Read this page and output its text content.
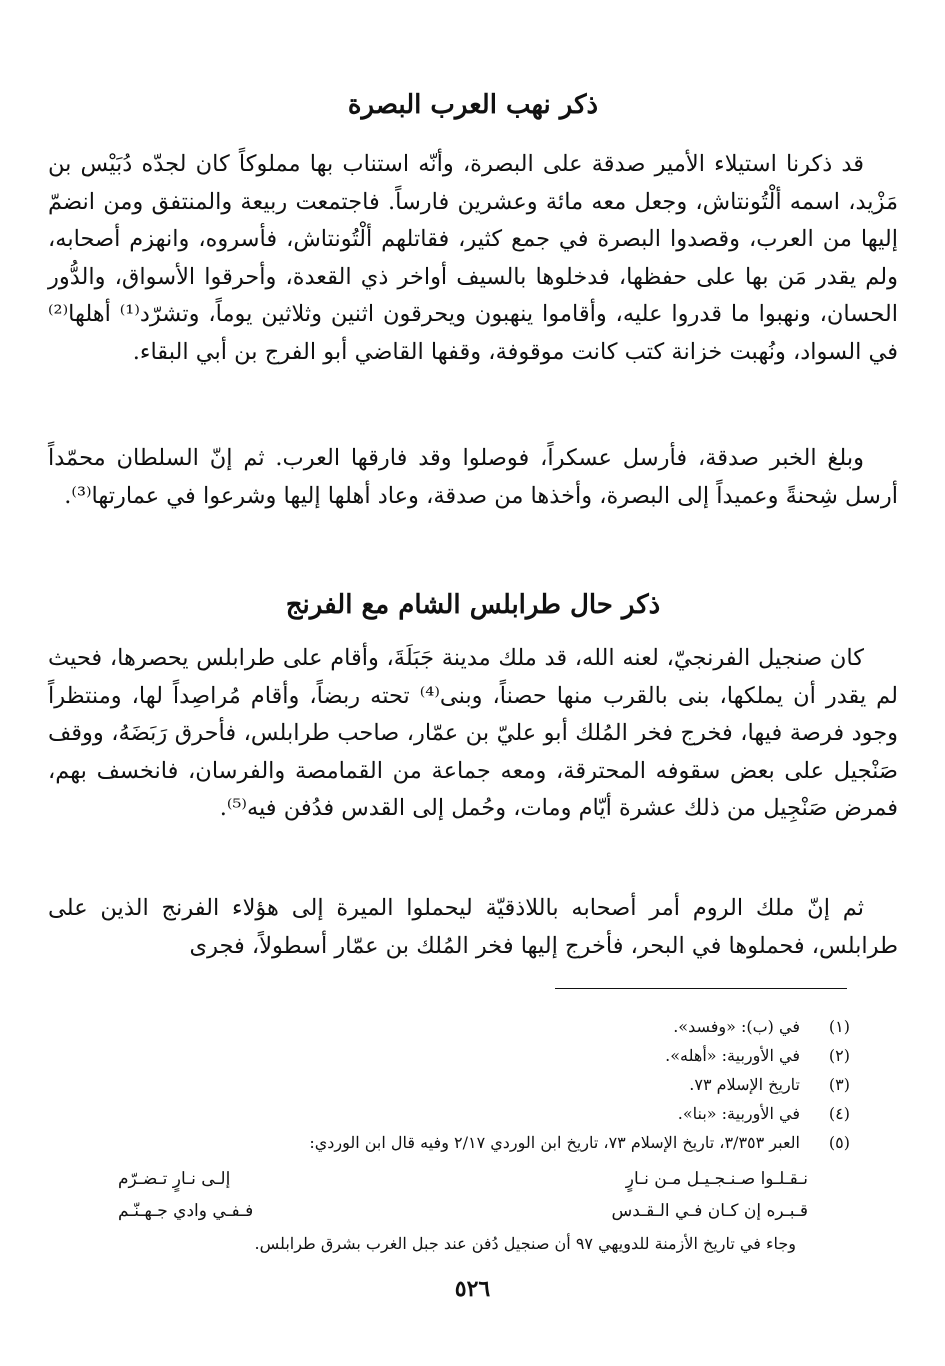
ذكر نهب العرب البصرة

قد ذكرنا استيلاء الأمير صدقة على البصرة، وأنّه استناب بها مملوكاً كان لجدّه دُبَيْس بن مَزْيد، اسمه ألْتُونتاش، وجعل معه مائة وعشرين فارساً. فاجتمعت ربيعة والمنتفق ومن انضمّ إليها من العرب، وقصدوا البصرة في جمع كثير، فقاتلهم ألْتُونتاش، فأسروه، وانهزم أصحابه، ولم يقدر مَن بها على حفظها، فدخلوها بالسيف أواخر ذي القعدة، وأحرقوا الأسواق، والدُّور الحسان، ونهبوا ما قدروا عليه، وأقاموا ينهبون ويحرقون اثنين وثلاثين يوماً، وتشرّد⁽¹⁾ أهلها⁽²⁾ في السواد، ونُهبت خزانة كتب كانت موقوفة، وقفها القاضي أبو الفرج بن أبي البقاء.

وبلغ الخبر صدقة، فأرسل عسكراً، فوصلوا وقد فارقها العرب. ثم إنّ السلطان محمّداً أرسل شِحنةً وعميداً إلى البصرة، وأخذها من صدقة، وعاد أهلها إليها وشرعوا في عمارتها⁽³⁾.

ذكر حال طرابلس الشام مع الفرنج

كان صنجيل الفرنجيّ، لعنه الله، قد ملك مدينة جَبَلَةَ، وأقام على طرابلس يحصرها، فحيث لم يقدر أن يملكها، بنى بالقرب منها حصناً، وبنى⁽⁴⁾ تحته ربضاً، وأقام مُراصِداً لها، ومنتظراً وجود فرصة فيها، فخرج فخر المُلك أبو عليّ بن عمّار، صاحب طرابلس، فأحرق رَبَضَهُ، ووقف صَنْجيل على بعض سقوفه المحترقة، ومعه جماعة من القمامصة والفرسان، فانخسف بهم، فمرض صَنْجِيل من ذلك عشرة أيّام ومات، وحُمل إلى القدس فدُفن فيه⁽⁵⁾.

ثم إنّ ملك الروم أمر أصحابه باللاذقيّة ليحملوا الميرة إلى هؤلاء الفرنج الذين على طرابلس، فحملوها في البحر، فأخرج إليها فخر المُلك بن عمّار أسطولاً، فجرى

(١)
في (ب): «وفسد».
(٢)
في الأوربية: «أهله».
(٣)
تاريخ الإسلام ٧٣.
(٤)
في الأوربية: «بنا».
(٥)
العبر ٣/٣٥٣، تاريخ الإسلام ٧٣، تاريخ ابن الوردي ٢/١٧ وفيه قال ابن الوردي:
نـقـلـوا صـنـجـيـل مـن نـارٍ
إلـى نـارٍ تـضـرّم
قـبـره إن كـان فـي الـقـدس
فـفـي وادي جـهـنّـم

وجاء في تاريخ الأزمنة للدويهي ٩٧ أن صنجيل دُفن عند جبل الغرب بشرق طرابلس.

٥٢٦
